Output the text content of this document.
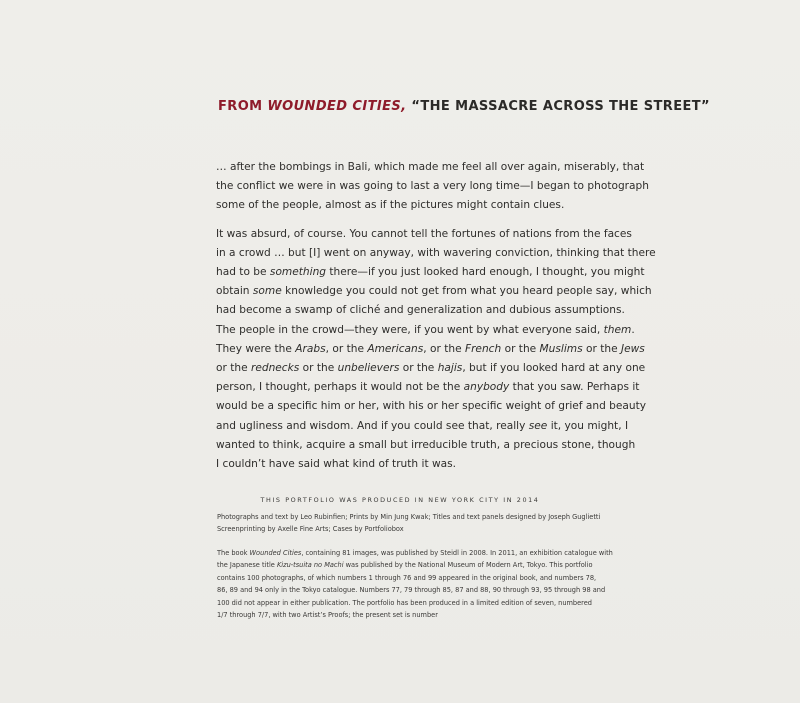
FROM WOUNDED CITIES, “THE MASSACRE ACROSS THE STREET”

… after the bombings in Bali, which made me feel all over again, miserably, that
the conflict we were in was going to last a very long time—I began to photograph
some of the people, almost as if the pictures might contain clues.

It was absurd, of course. You cannot tell the fortunes of nations from the faces
in a crowd … but [I] went on anyway, with wavering conviction, thinking that there
had to be something there—if you just looked hard enough, I thought, you might
obtain some knowledge you could not get from what you heard people say, which
had become a swamp of cliché and generalization and dubious assumptions.
The people in the crowd—they were, if you went by what everyone said, them.
They were the Arabs, or the Americans, or the French or the Muslims or the Jews
or the rednecks or the unbelievers or the hajis, but if you looked hard at any one
person, I thought, perhaps it would not be the anybody that you saw. Perhaps it
would be a specific him or her, with his or her specific weight of grief and beauty
and ugliness and wisdom. And if you could see that, really see it, you might, I
wanted to think, acquire a small but irreducible truth, a precious stone, though
I couldn’t have said what kind of truth it was.

THIS PORTFOLIO WAS PRODUCED IN NEW YORK CITY IN 2014
Photographs and text by Leo Rubinfien; Prints by Min Jung Kwak; Titles and text panels designed by Joseph Guglietti
Screenprinting by Axelle Fine Arts; Cases by Portfoliobox
The book Wounded Cities, containing 81 images, was published by Steidl in 2008. In 2011, an exhibition catalogue with
the Japanese title Kizu-tsuita no Machi was published by the National Museum of Modern Art, Tokyo. This portfolio
contains 100 photographs, of which numbers 1 through 76 and 99 appeared in the original book, and numbers 78,
86, 89 and 94 only in the Tokyo catalogue. Numbers 77, 79 through 85, 87 and 88, 90 through 93, 95 through 98 and
100 did not appear in either publication. The portfolio has been produced in a limited edition of seven, numbered
1/7 through 7/7, with two Artist’s Proofs; the present set is number
